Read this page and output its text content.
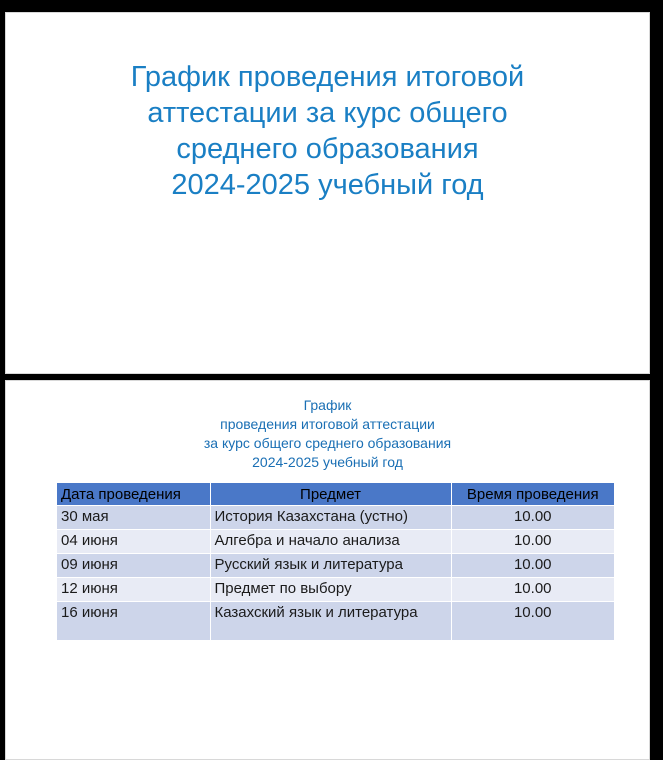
График проведения итоговой
аттестации за курс общего
среднего образования
2024-2025 учебный год
График
проведения итоговой аттестации
за курс общего среднего образования
2024-2025 учебный год
Дата проведения	Предмет	Время проведения
30 мая	История Казахстана (устно)	10.00
04 июня	Алгебра и начало анализа	10.00
09 июня	Русский язык и литература	10.00
12 июня	Предмет по выбору	10.00
16 июня	Казахский язык и литература	10.00
